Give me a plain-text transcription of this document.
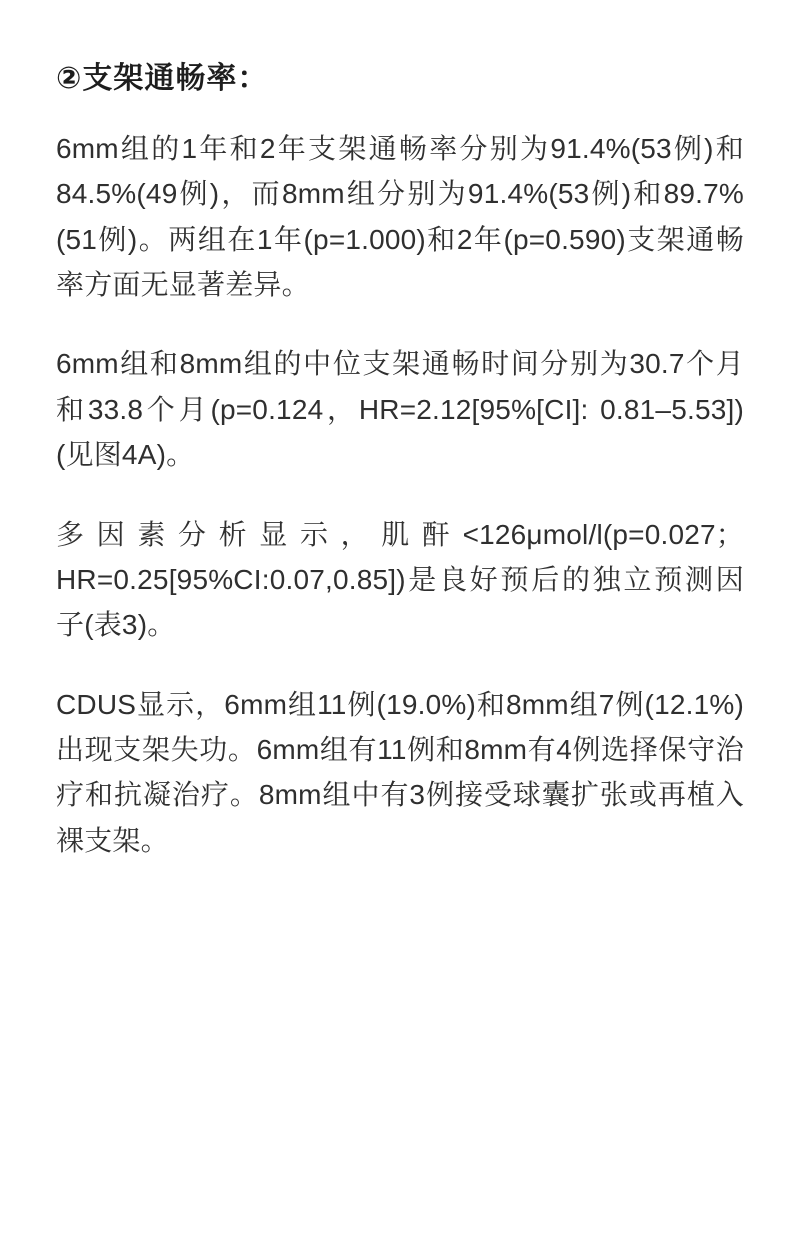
②支架通畅率：

6mm组的1年和2年支架通畅率分别为91.4%(53例)和84.5%(49例)，而8mm组分别为91.4%(53例)和89.7%(51例)。两组在1年(p=1.000)和2年(p=0.590)支架通畅率方面无显著差异。

6mm组和8mm组的中位支架通畅时间分别为30.7个月和33.8个月(p=0.124，HR=2.12[95%[CI]: 0.81–5.53])(见图4A)。

多因素分析显示，肌酐<126μmol/l(p=0.027；HR=0.25[95%CI:0.07,0.85])是良好预后的独立预测因子(表3)。

CDUS显示，6mm组11例(19.0%)和8mm组7例(12.1%)出现支架失功。6mm组有11例和8mm有4例选择保守治疗和抗凝治疗。8mm组中有3例接受球囊扩张或再植入裸支架。
